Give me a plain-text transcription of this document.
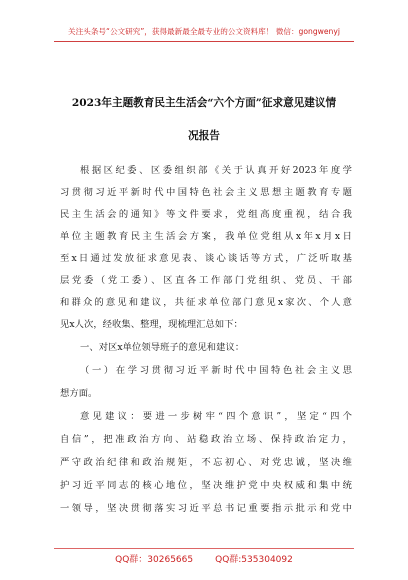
关注头条号“公文研究”，获得最新最全最专业的公文资料库！ 微信：gongwenyj
2023年主题教育民主生活会“六个方面”征求意见建议情
况报告
根据区纪委、区委组织部《关于认真开好2023年度学
习贯彻习近平新时代中国特色社会主义思想主题教育专题
民主生活会的通知》等文件要求，党组高度重视，结合我
单位主题教育民主生活会方案，我单位党组从x年x月x日
至x日通过发放征求意见表、谈心谈话等方式，广泛听取基
层党委（党工委）、区直各工作部门党组织、党员、干部
和群众的意见和建议，共征求单位部门意见x家次、个人意
见x人次，经收集、整理，现梳理汇总如下：
一、对区x单位领导班子的意见和建议：
（一）在学习贯彻习近平新时代中国特色社会主义思
想方面。
意见建议：要进一步树牢“四个意识”，坚定“四个
自信”，把准政治方向、站稳政治立场、保持政治定力，
严守政治纪律和政治规矩，不忘初心、对党忠诚，坚决维
护习近平同志的核心地位，坚决维护党中央权威和集中统
一领导，坚决贯彻落实习近平总书记重要指示批示和党中
QQ群：30265665 QQ群:535304092
